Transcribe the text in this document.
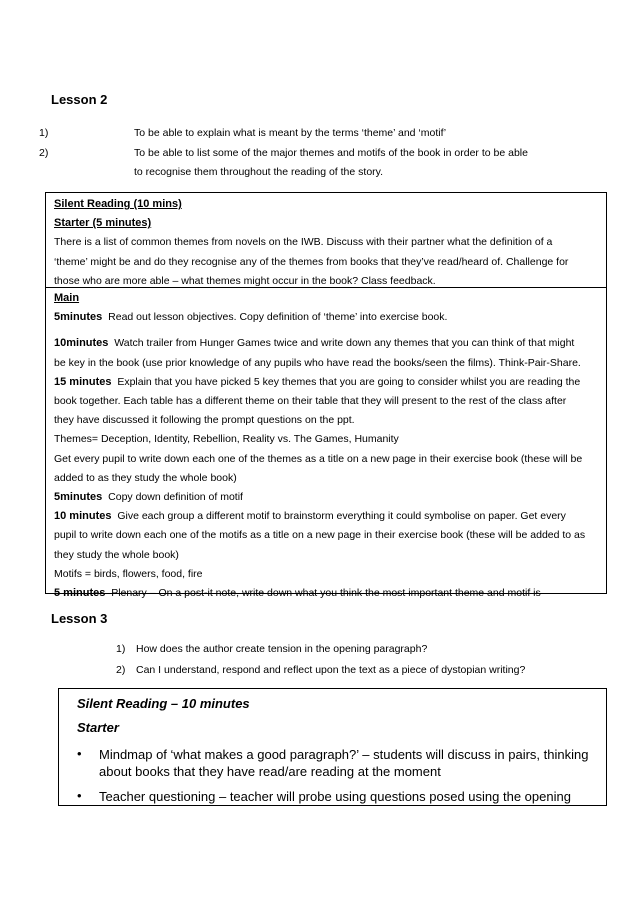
Lesson 2
1)	To be able to explain what is meant by the terms ‘theme’ and ‘motif’
2)	To be able to list some of the major themes and motifs of the book in order to be able
to recognise them throughout the reading of the story.
Silent Reading (10 mins)
Starter (5 minutes)
There is a list of common themes from novels on the IWB. Discuss with their partner what the definition of a
‘theme’ might be and do they recognise any of the themes from books that they’ve read/heard of. Challenge for
those who are more able – what themes might occur in the book? Class feedback.
Main
5minutes Read out lesson objectives. Copy definition of ‘theme’ into exercise book.
10minutes Watch trailer from Hunger Games twice and write down any themes that you can think of that might
be key in the book (use prior knowledge of any pupils who have read the books/seen the films). Think-Pair-Share.
15 minutes Explain that you have picked 5 key themes that you are going to consider whilst you are reading the
book together. Each table has a different theme on their table that they will present to the rest of the class after
they have discussed it following the prompt questions on the ppt.
Themes= Deception, Identity, Rebellion, Reality vs. The Games, Humanity
Get every pupil to write down each one of the themes as a title on a new page in their exercise book (these will be
added to as they study the whole book)
5minutes Copy down definition of motif
10 minutes Give each group a different motif to brainstorm everything it could symbolise on paper. Get every
pupil to write down each one of the motifs as a title on a new page in their exercise book (these will be added to as
they study the whole book)
Motifs = birds, flowers, food, fire
5 minutes Plenary – On a post-it note, write down what you think the most important theme and motif is
Lesson 3
1) How does the author create tension in the opening paragraph?
2) Can I understand, respond and reflect upon the text as a piece of dystopian writing?
Silent Reading – 10 minutes
Starter
•	Mindmap of ‘what makes a good paragraph?’ – students will discuss in pairs, thinking
about books that they have read/are reading at the moment
•	Teacher questioning – teacher will probe using questions posed using the opening
